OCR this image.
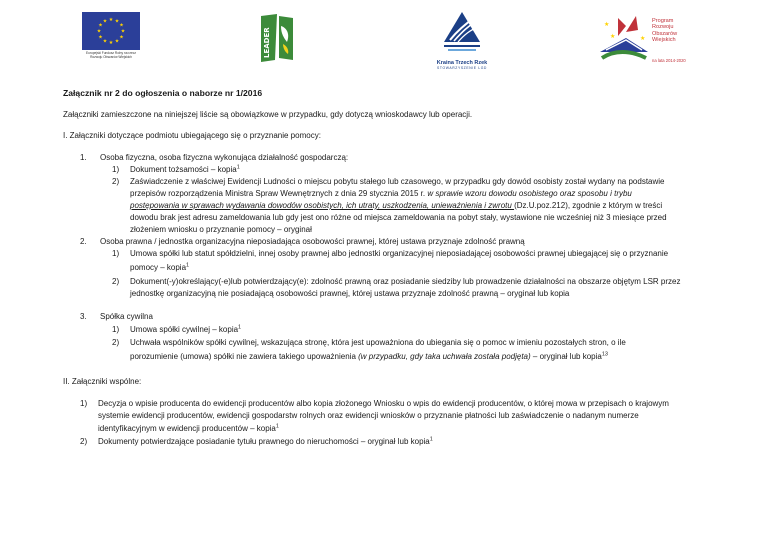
★ ★
★
★
★
★
★
★
★
★
★
★
Europejski Fundusz Rolny na rzecz
Rozwoju Obszarów Wiejskich	LEADER
Kraina Trzech Rzek
STOWARZYSZENIE LGD
★
★
★
Program
Rozwoju
Obszarów
Wiejskich
na lata 2014-2020
Załącznik nr 2 do ogłoszenia o naborze nr 1/2016
Załączniki zamieszczone na niniejszej liście są obowiązkowe w przypadku, gdy dotyczą wnioskodawcy lub operacji.
I. Załączniki dotyczące podmiotu ubiegającego się o przyznanie pomocy:
1. Osoba fizyczna, osoba fizyczna wykonująca działalność gospodarczą:
1) Dokument tożsamości – kopia$^1$
2) Zaświadczenie z właściwej Ewidencji Ludności o miejscu pobytu stałego lub czasowego, w przypadku gdy dowód osobisty został wydany na podstawie
przepisów rozporządzenia Ministra Spraw Wewnętrznych z dnia 29 stycznia 2015 r. w sprawie wzoru dowodu osobistego oraz sposobu i trybu
postępowania w sprawach wydawania dowodów osobistych, ich utraty, uszkodzenia, unieważnienia i zwrotu (Dz.U.poz.212), zgodnie z którym w treści
dowodu brak jest adresu zameldowania lub gdy jest ono różne od miejsca zameldowania na pobyt stały, wystawione nie wcześniej niż 3 miesiące przed
złożeniem wniosku o przyznanie pomocy – oryginał
2. Osoba prawna / jednostka organizacyjna nieposiadająca osobowości prawnej, której ustawa przyznaje zdolność prawną
1) Umowa spółki lub statut spółdzielni, innej osoby prawnej albo jednostki organizacyjnej nieposiadającej osobowości prawnej ubiegającej się o przyznanie
pomocy – kopia$^1$
2) Dokument(-y)określający(-e)lub potwierdzający(e): zdolność prawną oraz posiadanie siedziby lub prowadzenie działalności na obszarze objętym LSR przez
jednostkę organizacyjną nie posiadającą osobowości prawnej, której ustawa przyznaje zdolność prawną – oryginał lub kopia
3. Spółka cywilna
1) Umowa spółki cywilnej – kopia$^1$
2) Uchwała wspólników spółki cywilnej, wskazująca stronę, która jest upoważniona do ubiegania się o pomoc w imieniu pozostałych stron, o ile
porozumienie (umowa) spółki nie zawiera takiego upoważnienia (w przypadku, gdy taka uchwała została podjęta) – oryginał lub kopia$^{13}$
II. Załączniki wspólne:
1) Decyzja o wpisie producenta do ewidencji producentów albo kopia złożonego Wniosku o wpis do ewidencji producentów, o której mowa w przepisach o krajowym
systemie ewidencji producentów, ewidencji gospodarstw rolnych oraz ewidencji wniosków o przyznanie płatności lub zaświadczenie o nadanym numerze
identyfikacyjnym w ewidencji producentów – kopia$^1$
2) Dokumenty potwierdzające posiadanie tytułu prawnego do nieruchomości – oryginał lub kopia$^1$
